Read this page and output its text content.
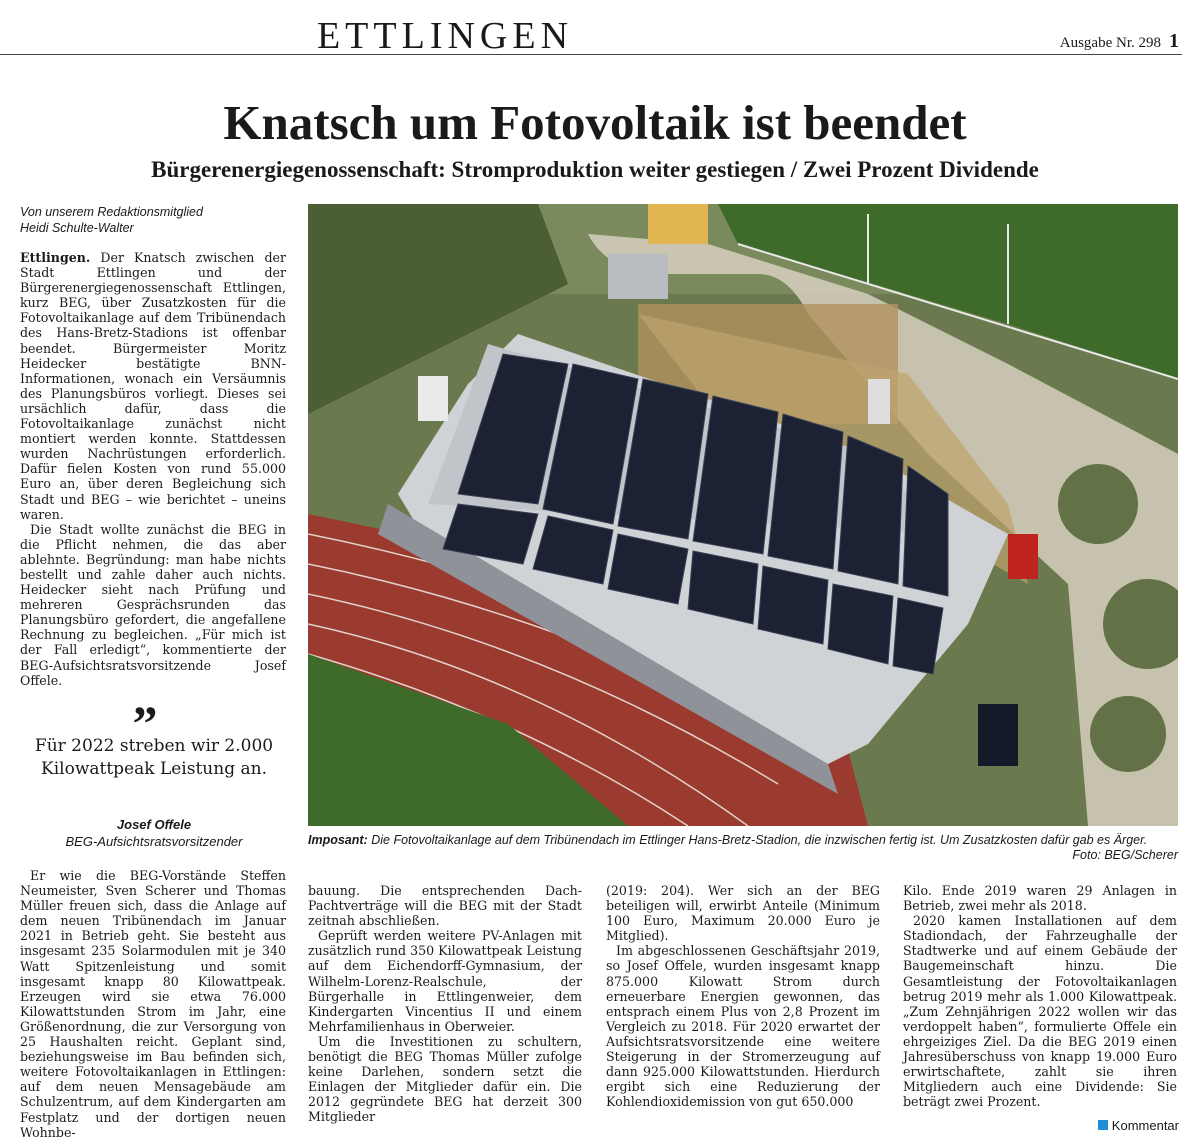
ETTLINGEN	Ausgabe Nr. 298 1
Knatsch um Fotovoltaik ist beendet
Bürgerenergiegenossenschaft: Stromproduktion weiter gestiegen / Zwei Prozent Dividende
Von unserem Redaktionsmitglied
Heidi Schulte-Walter

Ettlingen. Der Knatsch zwischen der Stadt Ettlingen und der Bürgerenergiegenossenschaft Ettlingen, kurz BEG, über Zusatzkosten für die Fotovoltaikanlage auf dem Tribünendach des Hans-Bretz-Stadions ist offenbar beendet. Bürgermeister Moritz Heidecker bestätigte BNN-Informationen, wonach ein Versäumnis des Planungsbüros vorliegt. Dieses sei ursächlich dafür, dass die Fotovoltaikanlage zunächst nicht montiert werden konnte. Stattdessen wurden Nachrüstungen erforderlich. Dafür fielen Kosten von rund 55.000 Euro an, über deren Begleichung sich Stadt und BEG – wie berichtet – uneins waren.

Die Stadt wollte zunächst die BEG in die Pflicht nehmen, die das aber ablehnte. Begründung: man habe nichts bestellt und zahle daher auch nichts. Heidecker sieht nach Prüfung und mehreren Gesprächsrunden das Planungsbüro gefordert, die angefallene Rechnung zu begleichen. „Für mich ist der Fall erledigt“, kommentierte der BEG-Aufsichtsratsvorsitzende Josef Offele.

”
Für 2022 streben wir 2.000 Kilowattpeak Leistung an.
Josef Offele
BEG-Aufsichtsratsvorsitzender

Er wie die BEG-Vorstände Steffen Neumeister, Sven Scherer und Thomas Müller freuen sich, dass die Anlage auf dem neuen Tribünendach im Januar 2021 in Betrieb geht. Sie besteht aus insgesamt 235 Solarmodulen mit je 340 Watt Spitzenleistung und somit insgesamt knapp 80 Kilowattpeak. Erzeugen wird sie etwa 76.000 Kilowattstunden Strom im Jahr, eine Größenordnung, die zur Versorgung von 25 Haushalten reicht. Geplant sind, beziehungsweise im Bau befinden sich, weitere Fotovoltaikanlagen in Ettlingen: auf dem neuen Mensagebäude am Schulzentrum, auf dem Kindergarten am Festplatz und der dortigen neuen Wohnbe-

Imposant: Die Fotovoltaikanlage auf dem Tribünendach im Ettlinger Hans-Bretz-Stadion, die inzwischen fertig ist. Um Zusatzkosten dafür gab es Ärger.
Foto: BEG/Scherer

bauung. Die entsprechenden Dach-Pachtverträge will die BEG mit der Stadt zeitnah abschließen.

Geprüft werden weitere PV-Anlagen mit zusätzlich rund 350 Kilowattpeak Leistung auf dem Eichendorff-Gymnasium, der Wilhelm-Lorenz-Realschule, der Bürgerhalle in Ettlingenweier, dem Kindergarten Vincentius II und einem Mehrfamilienhaus in Oberweier.

Um die Investitionen zu schultern, benötigt die BEG Thomas Müller zufolge keine Darlehen, sondern setzt die Einlagen der Mitglieder dafür ein. Die 2012 gegründete BEG hat derzeit 300 Mitglieder

(2019: 204). Wer sich an der BEG beteiligen will, erwirbt Anteile (Minimum 100 Euro, Maximum 20.000 Euro je Mitglied).

Im abgeschlossenen Geschäftsjahr 2019, so Josef Offele, wurden insgesamt knapp 875.000 Kilowatt Strom durch erneuerbare Energien gewonnen, das entsprach einem Plus von 2,8 Prozent im Vergleich zu 2018. Für 2020 erwartet der Aufsichtsratsvorsitzende eine weitere Steigerung in der Stromerzeugung auf dann 925.000 Kilowattstunden. Hierdurch ergibt sich eine Reduzierung der Kohlendioxidemission von gut 650.000

Kilo. Ende 2019 waren 29 Anlagen in Betrieb, zwei mehr als 2018.

2020 kamen Installationen auf dem Stadiondach, der Fahrzeughalle der Stadtwerke und auf einem Gebäude der Baugemeinschaft hinzu. Die Gesamtleistung der Fotovoltaikanlagen betrug 2019 mehr als 1.000 Kilowattpeak. „Zum Zehnjährigen 2022 wollen wir das verdoppelt haben“, formulierte Offele ein ehrgeiziges Ziel. Da die BEG 2019 einen Jahresüberschuss von knapp 19.000 Euro erwirtschaftete, zahlt sie ihren Mitgliedern auch eine Dividende: Sie beträgt zwei Prozent.

Kommentar
